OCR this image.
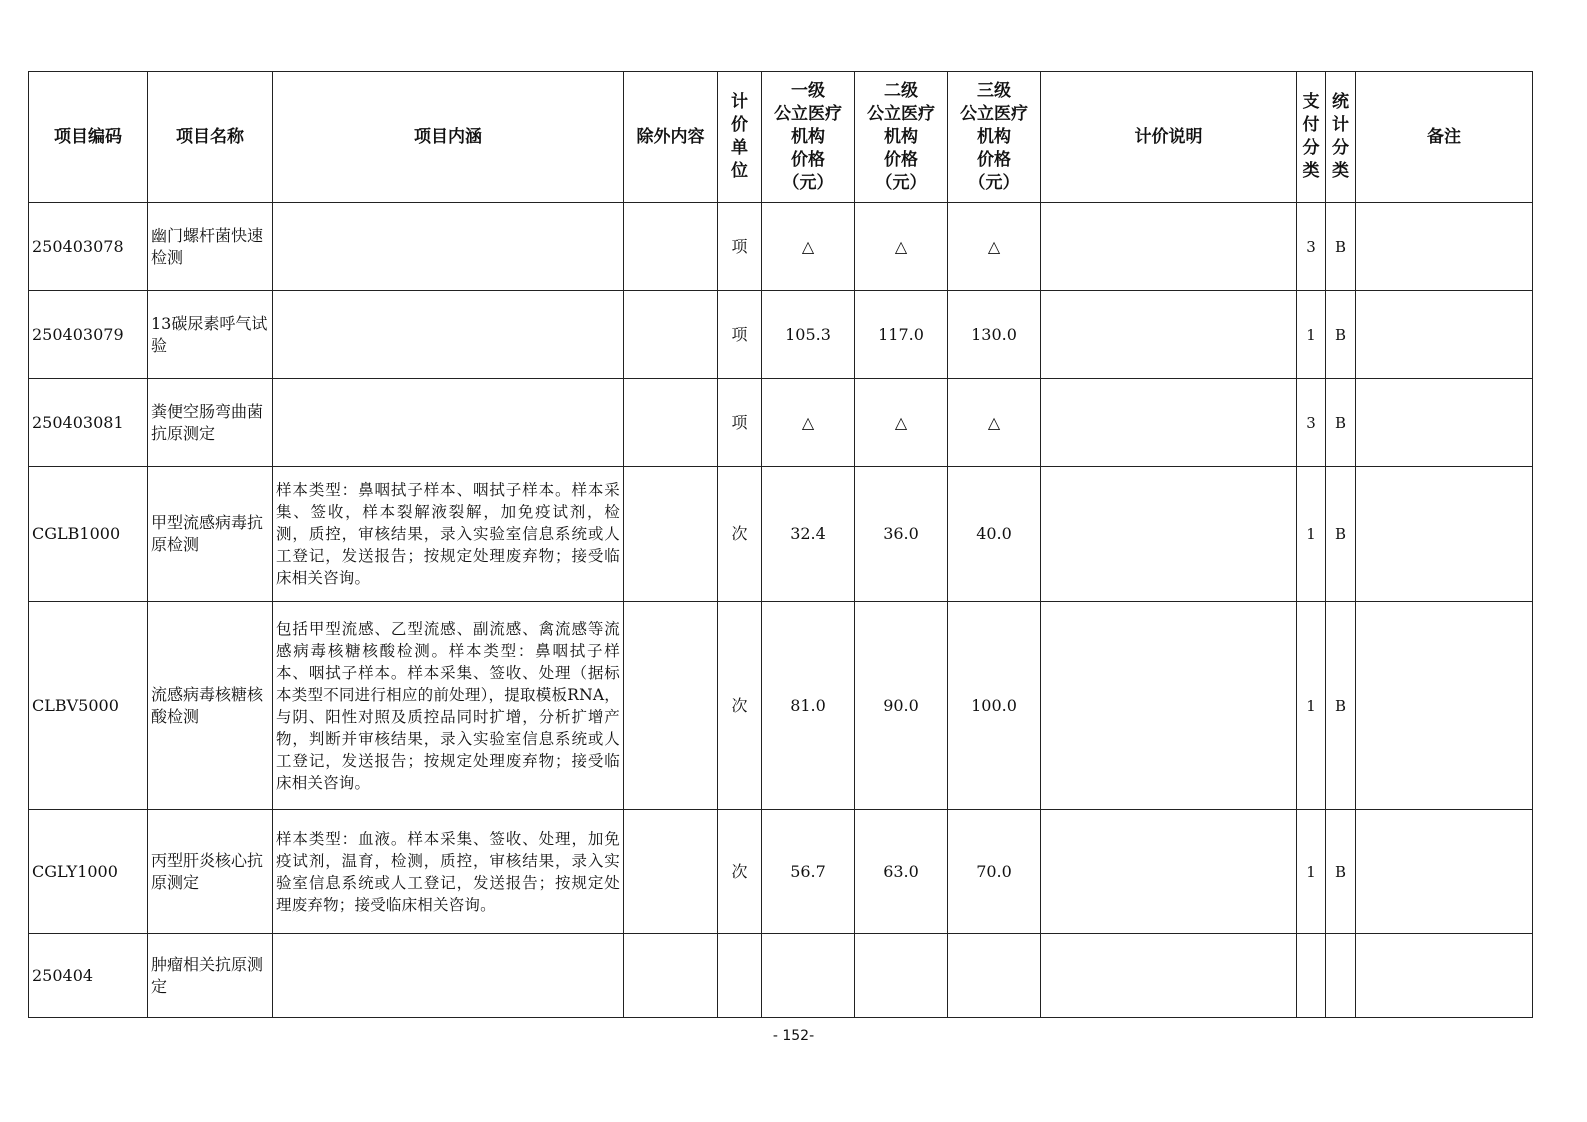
项目编码	项目名称	项目内涵	除外内容	计
价
单
位	一级
公立医疗
机构
价格
（元）	二级
公立医疗
机构
价格
（元）	三级
公立医疗
机构
价格
（元）	计价说明	支
付
分
类	统
计
分
类	备注
250403078	幽门螺杆菌快速
检测			项	△	△	△		3	B	
250403079	13碳尿素呼气试验			项	105.3	117.0	130.0		1	B	
250403081	粪便空肠弯曲菌抗原测定			项	△	△	△		3	B	
CGLB1000	甲型流感病毒抗原检测	样本类型：鼻咽拭子样本、咽拭子样本。样本采集、签收，样本裂解液裂解，加免疫试剂，检测，质控，审核结果，录入实验室信息系统或人工登记，发送报告；按规定处理废弃物；接受临床相关咨询。		次	32.4	36.0	40.0		1	B	
CLBV5000	流感病毒核糖核酸检测	包括甲型流感、乙型流感、副流感、禽流感等流感病毒核糖核酸检测。样本类型：鼻咽拭子样本、咽拭子样本。样本采集、签收、处理（据标本类型不同进行相应的前处理），提取模板RNA，与阴、阳性对照及质控品同时扩增，分析扩增产物，判断并审核结果，录入实验室信息系统或人工登记，发送报告；按规定处理废弃物；接受临床相关咨询。		次	81.0	90.0	100.0		1	B	
CGLY1000	丙型肝炎核心抗原测定	样本类型：血液。样本采集、签收、处理，加免疫试剂，温育，检测，质控，审核结果，录入实验室信息系统或人工登记，发送报告；按规定处理废弃物；接受临床相关咨询。		次	56.7	63.0	70.0		1	B	
250404	肿瘤相关抗原测定										
- 152-
